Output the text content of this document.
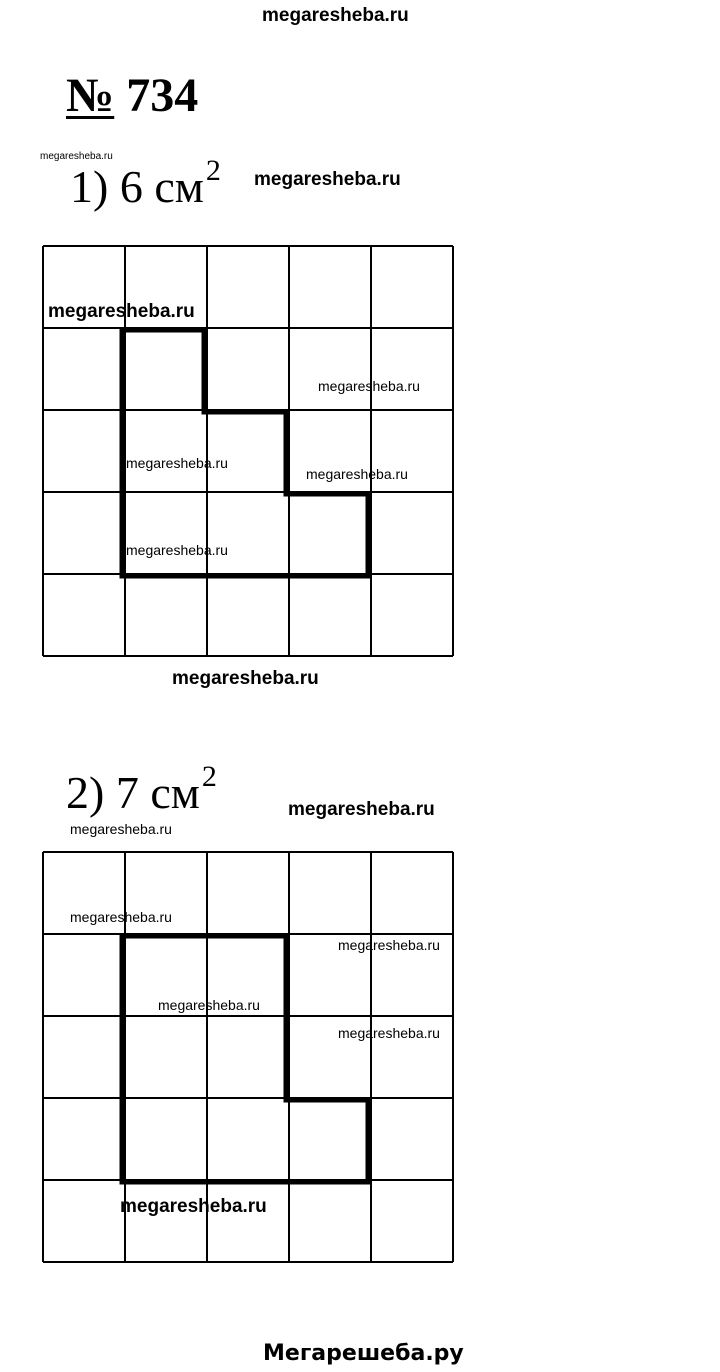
megaresheba.ru
№ 734
1) 6 $см^2$
2) 7 $см^2$
megaresheba.ru
megaresheba.ru
megaresheba.ru
megaresheba.ru
megaresheba.ru
megaresheba.ru
megaresheba.ru
megaresheba.ru
megaresheba.ru
megaresheba.ru
megaresheba.ru
megaresheba.ru
megaresheba.ru
megaresheba.ru
megaresheba.ru
Мегарешеба.ру
